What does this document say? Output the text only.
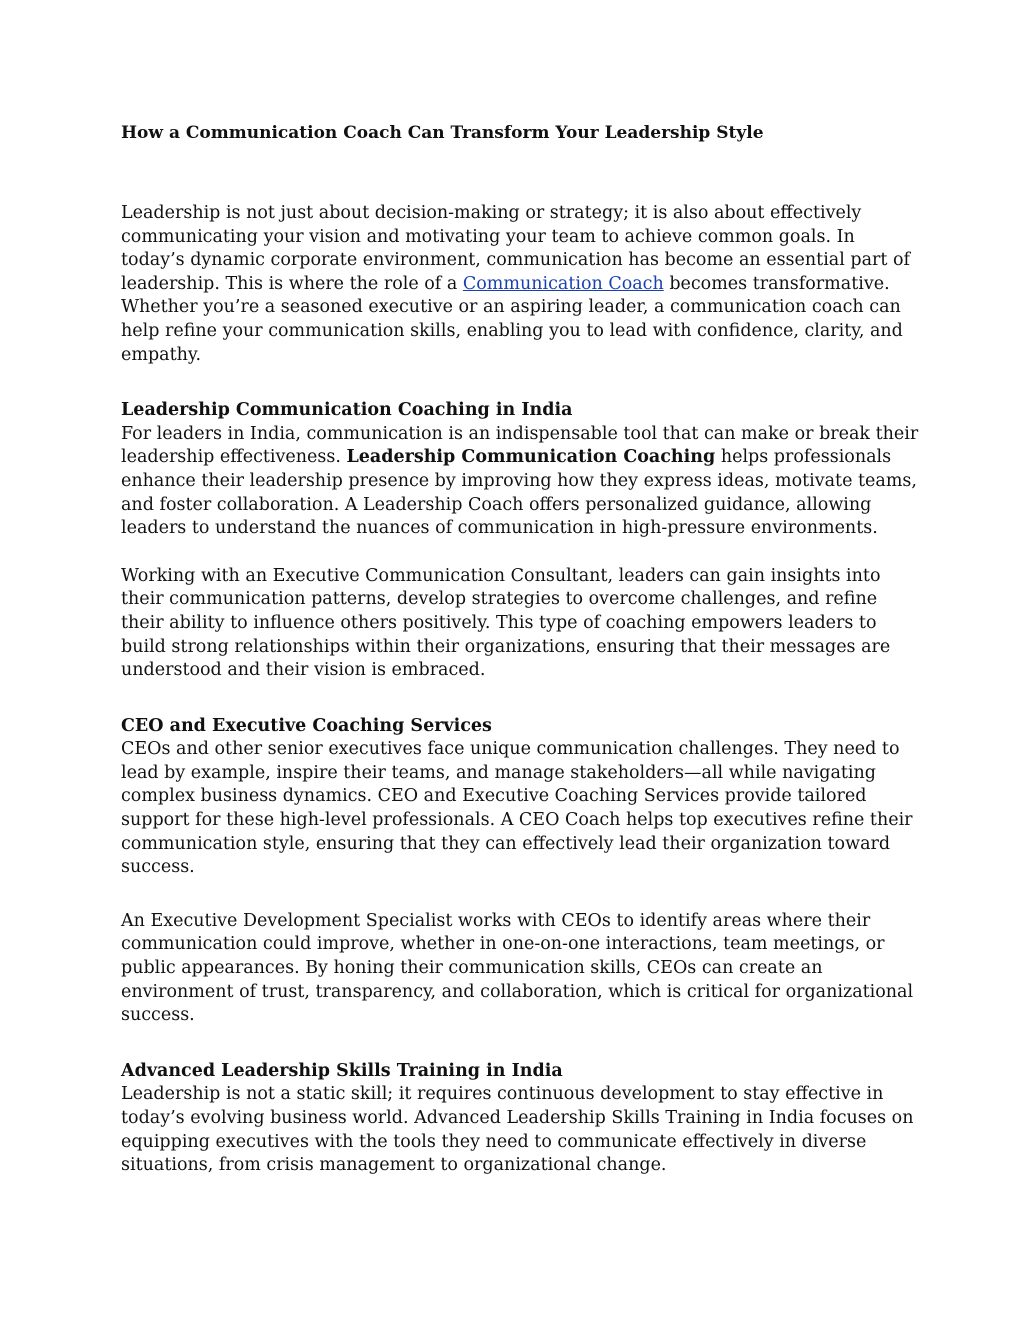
How a Communication Coach Can Transform Your Leadership Style

Leadership is not just about decision-making or strategy; it is also about effectively communicating your vision and motivating your team to achieve common goals. In today’s dynamic corporate environment, communication has become an essential part of leadership. This is where the role of a Communication Coach becomes transformative. Whether you’re a seasoned executive or an aspiring leader, a communication coach can help refine your communication skills, enabling you to lead with confidence, clarity, and empathy.

Leadership Communication Coaching in India

For leaders in India, communication is an indispensable tool that can make or break their leadership effectiveness. Leadership Communication Coaching helps professionals enhance their leadership presence by improving how they express ideas, motivate teams, and foster collaboration. A Leadership Coach offers personalized guidance, allowing leaders to understand the nuances of communication in high-pressure environments.

Working with an Executive Communication Consultant, leaders can gain insights into their communication patterns, develop strategies to overcome challenges, and refine their ability to influence others positively. This type of coaching empowers leaders to build strong relationships within their organizations, ensuring that their messages are understood and their vision is embraced.

CEO and Executive Coaching Services

CEOs and other senior executives face unique communication challenges. They need to lead by example, inspire their teams, and manage stakeholders—all while navigating complex business dynamics. CEO and Executive Coaching Services provide tailored support for these high-level professionals. A CEO Coach helps top executives refine their communication style, ensuring that they can effectively lead their organization toward success.

An Executive Development Specialist works with CEOs to identify areas where their communication could improve, whether in one-on-one interactions, team meetings, or public appearances. By honing their communication skills, CEOs can create an environment of trust, transparency, and collaboration, which is critical for organizational success.

Advanced Leadership Skills Training in India

Leadership is not a static skill; it requires continuous development to stay effective in today’s evolving business world. Advanced Leadership Skills Training in India focuses on equipping executives with the tools they need to communicate effectively in diverse situations, from crisis management to organizational change.
